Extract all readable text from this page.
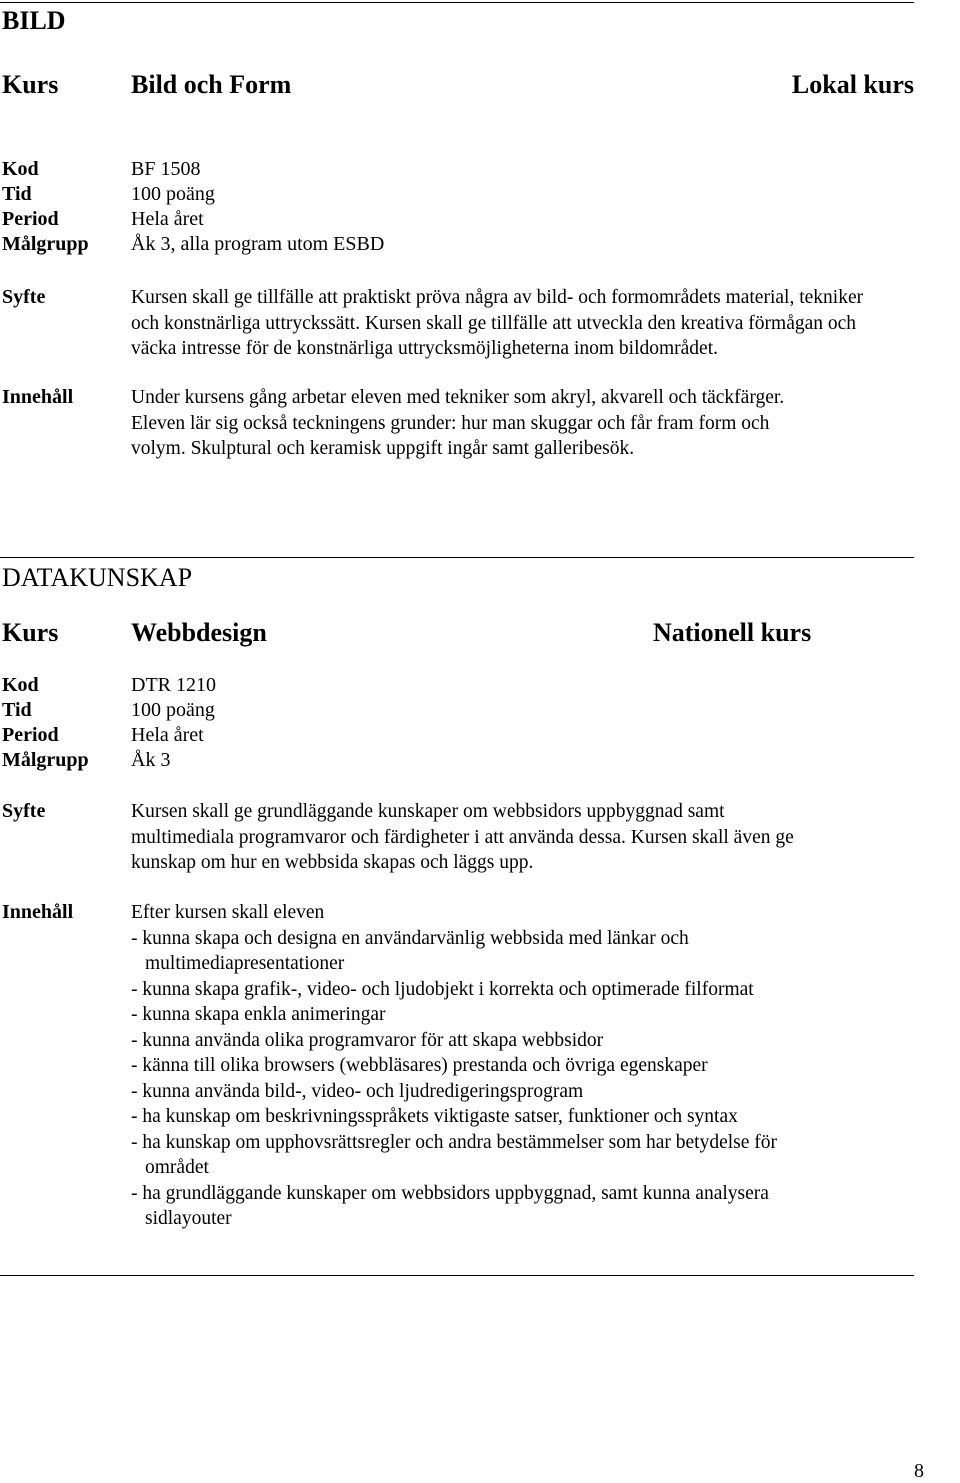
BILD
Kurs	Bild och Form	Lokal kurs
Kod	BF 1508
Tid	100 poäng
Period	Hela året
Målgrupp Åk 3, alla program utom ESBD
Syfte	Kursen skall ge tillfälle att praktiskt pröva några av bild- och formområdets material, tekniker
och konstnärliga uttryckssätt. Kursen skall ge tillfälle att utveckla den kreativa förmågan och
väcka intresse för de konstnärliga uttrycksmöjligheterna inom bildområdet.
Innehåll	Under kursens gång arbetar eleven med tekniker som akryl, akvarell och täckfärger.
Eleven lär sig också teckningens grunder: hur man skuggar och får fram form och
volym. Skulptural och keramisk uppgift ingår samt galleribesök.
DATAKUNSKAP
Kurs	Webbdesign	Nationell kurs
Kod	DTR 1210
Tid	100 poäng
Period	Hela året
Målgrupp Åk 3
Syfte	Kursen skall ge grundläggande kunskaper om webbsidors uppbyggnad samt
multimediala programvaror och färdigheter i att använda dessa. Kursen skall även ge
kunskap om hur en webbsida skapas och läggs upp.
Innehåll	Efter kursen skall eleven
- kunna skapa och designa en användarvänlig webbsida med länkar och
multimediapresentationer
- kunna skapa grafik-, video- och ljudobjekt i korrekta och optimerade filformat
- kunna skapa enkla animeringar
- kunna använda olika programvaror för att skapa webbsidor
- känna till olika browsers (webbläsares) prestanda och övriga egenskaper
- kunna använda bild-, video- och ljudredigeringsprogram
- ha kunskap om beskrivningsspråkets viktigaste satser, funktioner och syntax
- ha kunskap om upphovsrättsregler och andra bestämmelser som har betydelse för
området
- ha grundläggande kunskaper om webbsidors uppbyggnad, samt kunna analysera
sidlayouter
8
